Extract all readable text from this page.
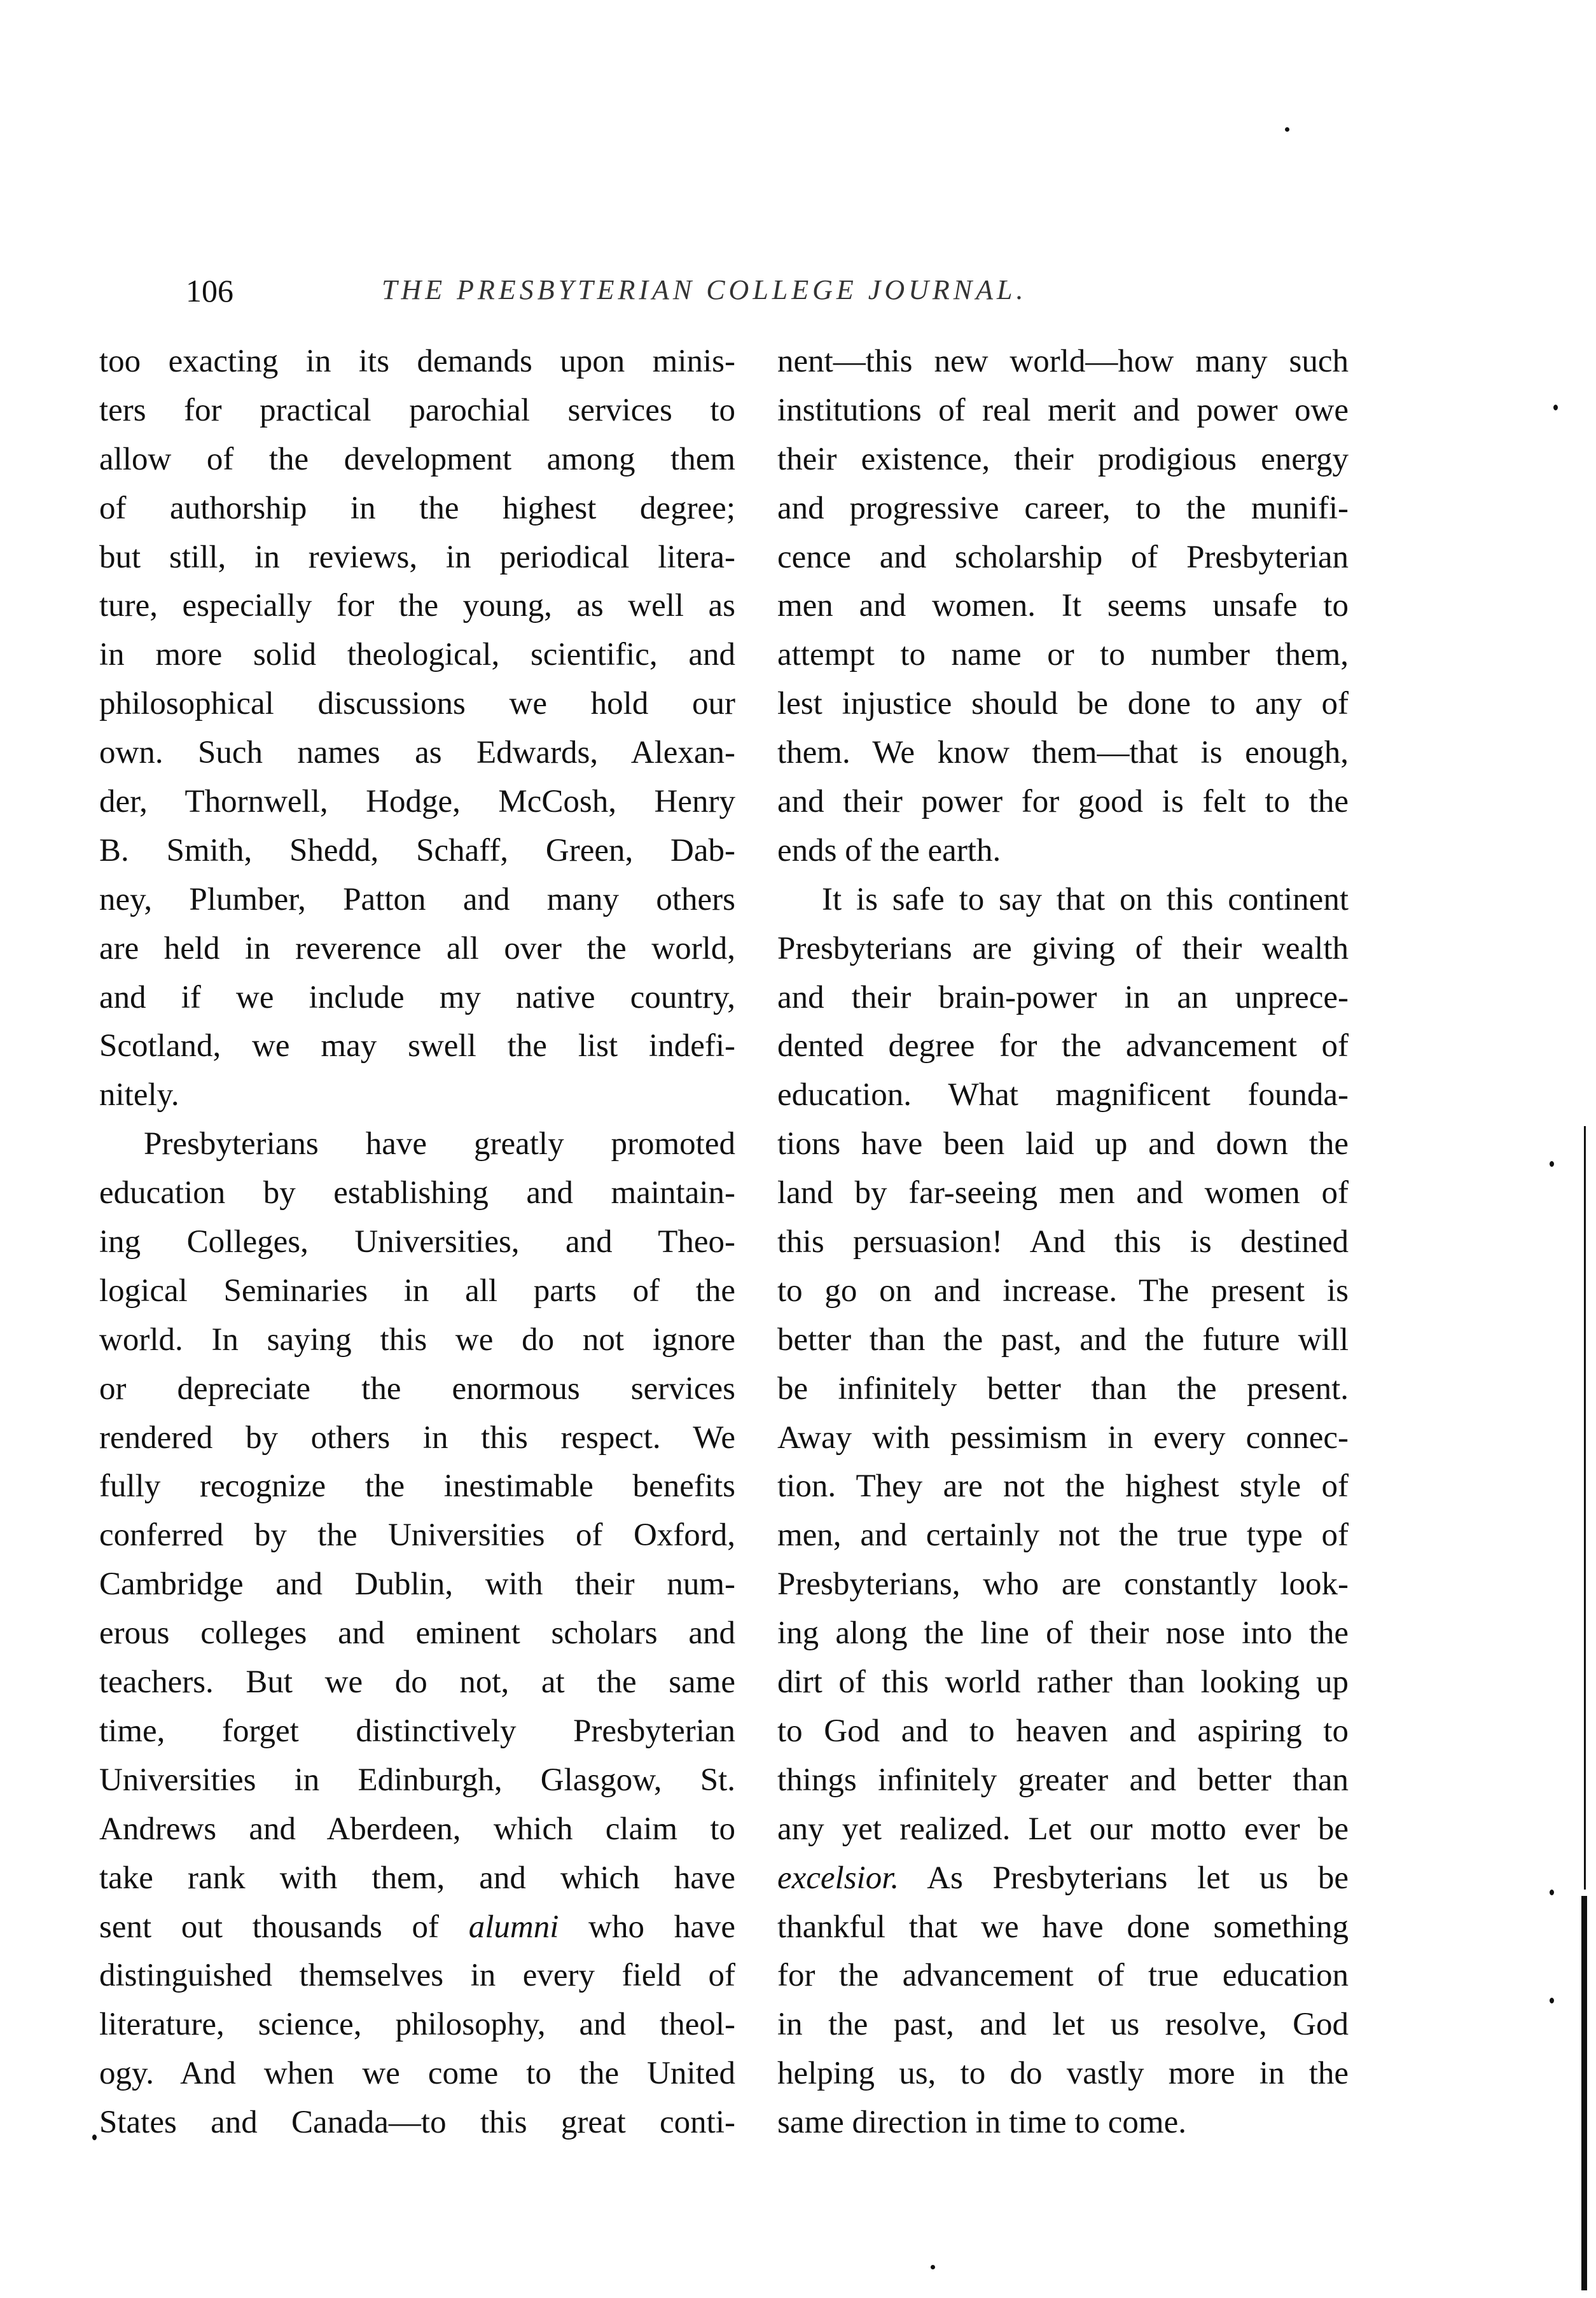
106	THE PRESBYTERIAN COLLEGE JOURNAL.
too exacting in its demands upon minis-
ters for practical parochial services to
allow of the development among them
of authorship in the highest degree;
but still, in reviews, in periodical litera-
ture, especially for the young, as well as
in more solid theological, scientific, and
philosophical discussions we hold our
own. Such names as Edwards, Alexan-
der, Thornwell, Hodge, McCosh, Henry
B. Smith, Shedd, Schaff, Green, Dab-
ney, Plumber, Patton and many others
are held in reverence all over the world,
and if we include my native country,
Scotland, we may swell the list indefi-
nitely.
Presbyterians have greatly promoted
education by establishing and maintain-
ing Colleges, Universities, and Theo-
logical Seminaries in all parts of the
world. In saying this we do not ignore
or depreciate the enormous services
rendered by others in this respect. We
fully recognize the inestimable benefits
conferred by the Universities of Oxford,
Cambridge and Dublin, with their num-
erous colleges and eminent scholars and
teachers. But we do not, at the same
time, forget distinctively Presbyterian
Universities in Edinburgh, Glasgow, St.
Andrews and Aberdeen, which claim to
take rank with them, and which have
sent out thousands of alumni who have
distinguished themselves in every field of
literature, science, philosophy, and theol-
ogy. And when we come to the United
States and Canada—to this great conti-
nent—this new world—how many such
institutions of real merit and power owe
their existence, their prodigious energy
and progressive career, to the munifi-
cence and scholarship of Presbyterian
men and women. It seems unsafe to
attempt to name or to number them,
lest injustice should be done to any of
them. We know them—that is enough,
and their power for good is felt to the
ends of the earth.
It is safe to say that on this continent
Presbyterians are giving of their wealth
and their brain-power in an unprece-
dented degree for the advancement of
education. What magnificent founda-
tions have been laid up and down the
land by far-seeing men and women of
this persuasion! And this is destined
to go on and increase. The present is
better than the past, and the future will
be infinitely better than the present.
Away with pessimism in every connec-
tion. They are not the highest style of
men, and certainly not the true type of
Presbyterians, who are constantly look-
ing along the line of their nose into the
dirt of this world rather than looking up
to God and to heaven and aspiring to
things infinitely greater and better than
any yet realized. Let our motto ever be
excelsior. As Presbyterians let us be
thankful that we have done something
for the advancement of true education
in the past, and let us resolve, God
helping us, to do vastly more in the
same direction in time to come.
